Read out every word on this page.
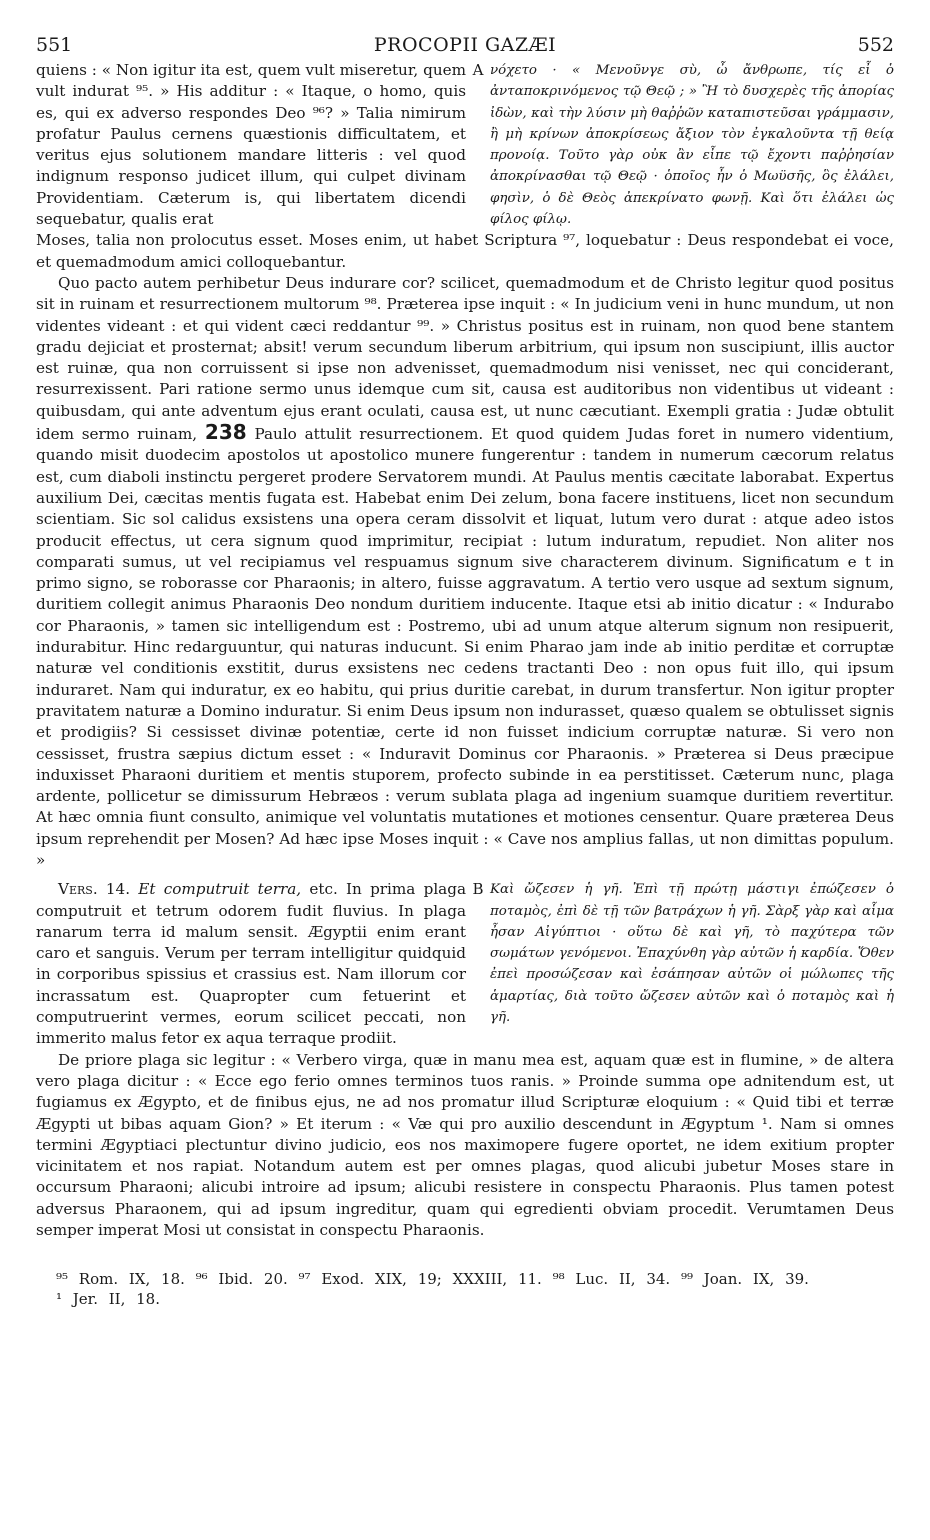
551	PROCOPII GAZÆI	552

quiens : « Non igitur ita est, quem vult miseretur, quem vult indurat ⁹⁵. » His additur : « Itaque, o homo, quis es, qui ex adverso respondes Deo ⁹⁶? » Talia nimirum profatur Paulus cernens quæstionis difficultatem, et veritus ejus solutionem mandare litteris : vel quod indignum responso judicet illum, qui culpet divinam Providentiam. Cæterum is, qui libertatem dicendi sequebatur, qualis erat

A νόχετο · « Μενοῦνγε σὺ, ὦ ἄνθρωπε, τίς εἶ ὁ ἀνταποκρινόμενος τῷ Θεῷ ; » Ἢ τὸ δυσχερὲς τῆς ἀπορίας ἰδὼν, καὶ τὴν λύσιν μὴ θαῤῥῶν καταπιστεῦσαι γράμμασιν, ἢ μὴ κρίνων ἀποκρίσεως ἄξιον τὸν ἐγκαλοῦντα τῇ θείᾳ προνοίᾳ. Τοῦτο γὰρ οὐκ ἂν εἶπε τῷ ἔχοντι παῤῥησίαν ἀποκρίνασθαι τῷ Θεῷ · ὁποῖος ἦν ὁ Μωϋσῆς, ὃς ἐλάλει, φησὶν, ὁ δὲ Θεὸς ἀπεκρίνατο φωνῇ. Καὶ ὅτι ἐλάλει ὡς φίλος φίλῳ.

Moses, talia non prolocutus esset. Moses enim, ut habet Scriptura ⁹⁷, loquebatur : Deus respondebat ei voce, et quemadmodum amici colloquebantur.

Quo pacto autem perhibetur Deus indurare cor? scilicet, quemadmodum et de Christo legitur quod positus sit in ruinam et resurrectionem multorum ⁹⁸. Præterea ipse inquit : « In judicium veni in hunc mundum, ut non videntes videant : et qui vident cæci reddantur ⁹⁹. » Christus positus est in ruinam, non quod bene stantem gradu dejiciat et prosternat; absit! verum secundum liberum arbitrium, qui ipsum non suscipiunt, illis auctor est ruinæ, qua non corruissent si ipse non advenisset, quemadmodum nisi venisset, nec qui conciderant, resurrexissent. Pari ratione sermo unus idemque cum sit, causa est auditoribus non videntibus ut videant : quibusdam, qui ante adventum ejus erant oculati, causa est, ut nunc cæcutiant. Exempli gratia : Judæ obtulit idem sermo ruinam, 238 Paulo attulit resurrectionem. Et quod quidem Judas foret in numero videntium, quando misit duodecim apostolos ut apostolico munere fungerentur : tandem in numerum cæcorum relatus est, cum diaboli instinctu pergeret prodere Servatorem mundi. At Paulus mentis cæcitate laborabat. Expertus auxilium Dei, cæcitas mentis fugata est. Habebat enim Dei zelum, bona facere instituens, licet non secundum scientiam. Sic sol calidus exsistens una opera ceram dissolvit et liquat, lutum vero durat : atque adeo istos producit effectus, ut cera signum quod imprimitur, recipiat : lutum induratum, repudiet. Non aliter nos comparati sumus, ut vel recipiamus vel respuamus signum sive characterem divinum. Significatum e t in primo signo, se roborasse cor Pharaonis; in altero, fuisse aggravatum. A tertio vero usque ad sextum signum, duritiem collegit animus Pharaonis Deo nondum duritiem inducente. Itaque etsi ab initio dicatur : « Indurabo cor Pharaonis, » tamen sic intelligendum est : Postremo, ubi ad unum atque alterum signum non resipuerit, indurabitur. Hinc redarguuntur, qui naturas inducunt. Si enim Pharao jam inde ab initio perditæ et corruptæ naturæ vel conditionis exstitit, durus exsistens nec cedens tractanti Deo : non opus fuit illo, qui ipsum induraret. Nam qui induratur, ex eo habitu, qui prius duritie carebat, in durum transfertur. Non igitur propter pravitatem naturæ a Domino induratur. Si enim Deus ipsum non indurasset, quæso qualem se obtulisset signis et prodigiis? Si cessisset divinæ potentiæ, certe id non fuisset indicium corruptæ naturæ. Si vero non cessisset, frustra sæpius dictum esset : « Induravit Dominus cor Pharaonis. » Præterea si Deus præcipue induxisset Pharaoni duritiem et mentis stuporem, profecto subinde in ea perstitisset. Cæterum nunc, plaga ardente, pollicetur se dimissurum Hebræos : verum sublata plaga ad ingenium suamque duritiem revertitur. At hæc omnia fiunt consulto, animique vel voluntatis mutationes et motiones censentur. Quare præterea Deus ipsum reprehendit per Mosen? Ad hæc ipse Moses inquit : « Cave nos amplius fallas, ut non dimittas populum. »

Vers. 14. Et computruit terra, etc. In prima plaga computruit et tetrum odorem fudit fluvius. In plaga ranarum terra id malum sensit. Ægyptii enim erant caro et sanguis. Verum per terram intelligitur quidquid in corporibus spissius et crassius est. Nam illorum cor incrassatum est. Quapropter cum fetuerint et computruerint vermes, eorum scilicet peccati, non immerito malus fetor ex aqua terraque prodiit.

B Καὶ ὤζεσεν ἡ γῆ. Ἐπὶ τῇ πρώτῃ μάστιγι ἐπώζεσεν ὁ ποταμὸς, ἐπὶ δὲ τῇ τῶν βατράχων ἡ γῆ. Σὰρξ γὰρ καὶ αἷμα ἦσαν Αἰγύπτιοι · οὕτω δὲ καὶ γῆ, τὸ παχύτερα τῶν σωμάτων γενόμενοι. Ἐπαχύνθη γὰρ αὐτῶν ἡ καρδία. Ὅθεν ἐπεὶ προσώζεσαν καὶ ἐσάπησαν αὐτῶν οἱ μώλωπες τῆς ἁμαρτίας, διὰ τοῦτο ὤζεσεν αὐτῶν καὶ ὁ ποταμὸς καὶ ἡ γῆ.

De priore plaga sic legitur : « Verbero virga, quæ in manu mea est, aquam quæ est in flumine, » de altera vero plaga dicitur : « Ecce ego ferio omnes terminos tuos ranis. » Proinde summa ope adnitendum est, ut fugiamus ex Ægypto, et de finibus ejus, ne ad nos promatur illud Scripturæ eloquium : « Quid tibi et terræ Ægypti ut bibas aquam Gion? » Et iterum : « Væ qui pro auxilio descendunt in Ægyptum ¹. Nam si omnes termini Ægyptiaci plectuntur divino judicio, eos nos maximopere fugere oportet, ne idem exitium propter vicinitatem et nos rapiat. Notandum autem est per omnes plagas, quod alicubi jubetur Moses stare in occursum Pharaoni; alicubi introire ad ipsum; alicubi resistere in conspectu Pharaonis. Plus tamen potest adversus Pharaonem, qui ad ipsum ingreditur, quam qui egredienti obviam procedit. Verumtamen Deus semper imperat Mosi ut consistat in conspectu Pharaonis.

⁹⁵ Rom. IX, 18. ⁹⁶ Ibid. 20. ⁹⁷ Exod. XIX, 19; XXXIII, 11. ⁹⁸ Luc. II, 34. ⁹⁹ Joan. IX, 39.
¹ Jer. II, 18.
